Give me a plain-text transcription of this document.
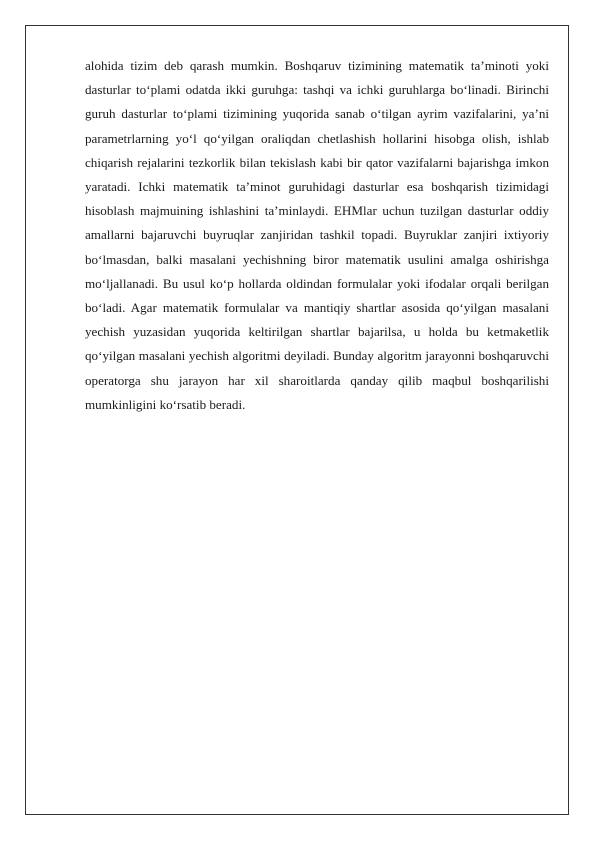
alohida tizim deb qarash mumkin. Boshqaruv tizimining matematik taʼminoti yoki dasturlar toʻplami odatda ikki guruhga: tashqi va ichki guruhlarga boʻlinadi. Birinchi guruh dasturlar toʻplami tizimining yuqorida sanab oʻtilgan ayrim vazifalarini, yaʼni parametrlarning yoʻl qoʻyilgan oraliqdan chetlashish hollarini hisobga olish, ishlab chiqarish rejalarini tezkorlik bilan tekislash kabi bir qator vazifalarni bajarishga imkon yaratadi. Ichki matematik taʼminot guruhidagi dasturlar esa boshqarish tizimidagi hisoblash majmuining ishlashini taʼminlaydi. EHMlar uchun tuzilgan dasturlar oddiy amallarni bajaruvchi buyruqlar zanjiridan tashkil topadi. Buyruklar zanjiri ixtiyoriy boʻlmasdan, balki masalani yechishning biror matematik usulini amalga oshirishga moʻljallanadi. Bu usul koʻp hollarda oldindan formulalar yoki ifodalar orqali berilgan boʻladi. Agar matematik formulalar va mantiqiy shartlar asosida qoʻyilgan masalani yechish yuzasidan yuqorida keltirilgan shartlar bajarilsa, u holda bu ketmaketlik qoʻyilgan masalani yechish algoritmi deyiladi. Bunday algoritm jarayonni boshqaruvchi operatorga shu jarayon har xil sharoitlarda qanday qilib maqbul boshqarilishi mumkinligini koʻrsatib beradi.
